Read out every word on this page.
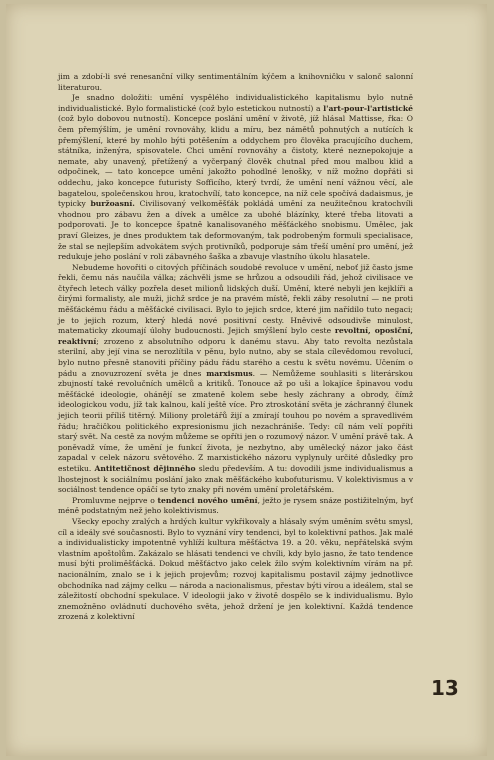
jim a zdobí-li své renesanční vilky sentimentálním kýčem a knihovničku v salonč salonní literaturou.

Je snadno doložiti: umění vyspělého individualistického kapitalismu bylo nutně individualistické. Bylo formalistické (což bylo estetickou nutností) a l'art-pour-l'artistické (což bylo dobovou nutností). Koncepce poslání umění v životě, jíž hlásal Mattisse, řka: O čem přemýšlím, je umění rovnováhy, klidu a míru, bez námětů pohnutých a nutících k přemýšlení, které by mohlo býti potěšením a oddychem pro člověka pracujícího duchem, státníka, inženýra, spisovatele. Chci umění rovnováhy a čistoty, které neznepokojuje a nemate, aby unavený, přetížený a vyčerpaný člověk chutnal před mou malbou klid a odpočinek, — tato koncepce umění jakožto pohodlné lenošky, v níž možno dopřáti si oddechu, jako koncepce futuristy Sofficího, který tvrdí, že umění není vážnou věcí, ale bagatelou, společenskou hrou, kratochvílí, tato koncepce, na níž cele spočívá dadaismus, je typicky buržoasní. Civilisovaný velkoměšťák pokládá umění za neužitečnou kratochvíli vhodnou pro zábavu žen a dívek a umělce za ubohé blázínky, které třeba litovati a podporovati. Je to koncepce špatně kanalisovaného měšťáckého snobismu. Umělec, jak praví Gleizes, je dnes produktem tak deformovaným, tak podrobeným formuli specialisace, že stal se nejlepším advokátem svých protivníků, podporuje sám třeší umění pro umění, jež redukuje jeho poslání v roli zábavného šaška a zbavuje vlastního úkolu hlasatele.

Nebudeme hovořiti o citových příčinách soudobé revoluce v umění, neboť již často jsme řekli, čemu nás naučila válka; záchvěli jsme se hrůzou a odsoudili řád, jehož civilisace ve čtyřech letech války pozřela deset milionů lidských duší. Umění, které nebyli jen kejklíři a čirými formalisty, ale muži, jichž srdce je na pravém místě, řekli záby resolutní — ne proti měšťáckému řádu a měšťácké civilisaci. Bylo to jejich srdce, které jim nařídilo tuto negaci; je to jejich rozum, který hledá nové positivní cesty. Hněvivě odsoudivše minulost, matematicky zkoumají úlohy budoucnosti. Jejich smýšlení bylo ceste revoltní, oposiční, reaktivní; zrozeno z absolutního odporu k danému stavu. Aby tato revolta nezůstala sterilní, aby její vina se nerozlítila v pěnu, bylo nutno, aby se stala cílevědomou revolucí, bylo nutno přesně stanoviti příčiny pádu řádu starého a cestu k světu novému. Učením o pádu a znovuzrození světa je dnes marxismus. — Nemůžeme souhlasiti s literárskou zbujností také revolučních umělců a kritiků. Tonouce až po uši a lokajíce špinavou vodu měšťácké ideologie, ohánějí se zmateně kolem sebe hesly záchrany a obrody, čímž ideologickou vodu, jíž tak kalnou, kalí ještě více. Pro ztroskotání světa je záchranný člunek jejich teorii příliš titěrný. Miliony proletářů žijí a zmírají touhou po novém a spravedlivém řádu; hračičkou politického expresionismu jich nezachrániše. Tedy: cíl nám velí popříti starý svět. Na cestě za novým můžeme se opříti jen o rozumový názor. V umění právě tak. A poněvadž víme, že umění je funkcí života, je nezbytno, aby umělecký názor jako část zapadal v celek názoru světového. Z marxistického názoru vyplynuly určité důsledky pro estetiku. Antitetičnost dějinného sledu především. A tu: dovodili jsme individualismus a lhostejnost k sociálnímu poslání jako znak měšťáckého kubofuturismu. V kolektivismus a v sociálnost tendence opáčí se tyto znaky při novém umění proletářském.

Promluvme nejprve o tendenci nového umění, ježto je rysem snáze postižitelným, byť méně podstatným než jeho kolektivismus.

Všecky epochy zralých a hrdých kultur vykřikovaly a hlásaly svým uměním světu smysl, cíl a ideály své současnosti. Bylo to vyznání víry tendenci, byl to kolektivní pathos. Jak malé a individualisticky impotentně vyhlíží kultura měšťáctva 19. a 20. věku, nepřátelská svým vlastním apoštolům. Zakázalo se hlásati tendenci ve chvíli, kdy bylo jasno, že tato tendence musí býti proliměšťácká. Dokud měšťáctvo jako celek žilo svým kolektivním vírám na př. nacionálním, znalo se i k jejich projevům; rozvoj kapitalismu postavil zájmy jednotlivce obchodníka nad zájmy celku — národa a nacionalismus, přestav býti vírou a ideálem, stal se záležitostí obchodní spekulace. V ideologii jako v životě dospělo se k individualismu. Bylo znemožněno ovládnutí duchového světa, jehož držení je jen kolektivní. Každá tendence zrozená z kolektivní

13
